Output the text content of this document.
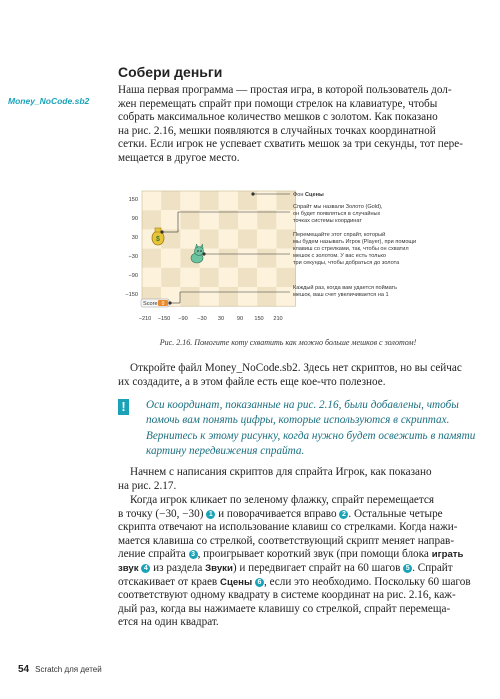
Собери деньги
Money_NoCode.sb2
Наша первая программа — простая игра, в которой пользователь дол-
жен перемещать спрайт при помощи стрелок на клавиатуре, чтобы
собрать максимальное количество мешков с золотом. Как показано
на рис. 2.16, мешки появляются в случайных точках координатной
сетки. Если игрок не успевает схватить мешок за три секунды, тот пере-
мещается в другое место.
150
90
30
−30
−90
−150
−210 −150 −90 −30 30 90 150 210
$
Score 0
Фон Сцены
Спрайт мы назвали Золото (Gold),
он будет появляться в случайных
точках системы координат
Перемещайте этот спрайт, который
мы будем называть Игрок (Player), при помощи
клавиш со стрелками, так, чтобы он схватил
мешок с золотом. У вас есть только
три секунды, чтобы добраться до золота
Каждый раз, когда вам удается поймать
мешок, ваш счет увеличивается на 1
Рис. 2.16. Помогите коту схватить как можно больше мешков с золотом!
Откройте файл Money_NoCode.sb2. Здесь нет скриптов, но вы сейчас
их создадите, а в этом файле есть еще кое-что полезное.
! Оси координат, показанные на рис. 2.16, были добавлены, чтобы
помочь вам понять цифры, которые используются в скриптах.
Вернитесь к этому рисунку, когда нужно будет освежить в памяти
картину передвижения спрайта.
Начнем с написания скриптов для спрайта Игрок, как показано
на рис. 2.17.
Когда игрок кликает по зеленому флажку, спрайт перемещается
в точку (−30, −30) 1 и поворачивается вправо 2 . Остальные четыре
скрипта отвечают на использование клавиш со стрелками. Когда нажи-
мается клавиша со стрелкой, соответствующий скрипт меняет направ-
ление спрайта 3 , проигрывает короткий звук (при помощи блока играть
звук 4 из раздела Звуки) и передвигает спрайт на 60 шагов 5 . Спрайт
отскакивает от краев Сцены 6 , если это необходимо. Поскольку 60 шагов
соответствуют одному квадрату в системе координат на рис. 2.16, каж-
дый раз, когда вы нажимаете клавишу со стрелкой, спрайт перемеща-
ется на один квадрат.
54 Scratch для детей
